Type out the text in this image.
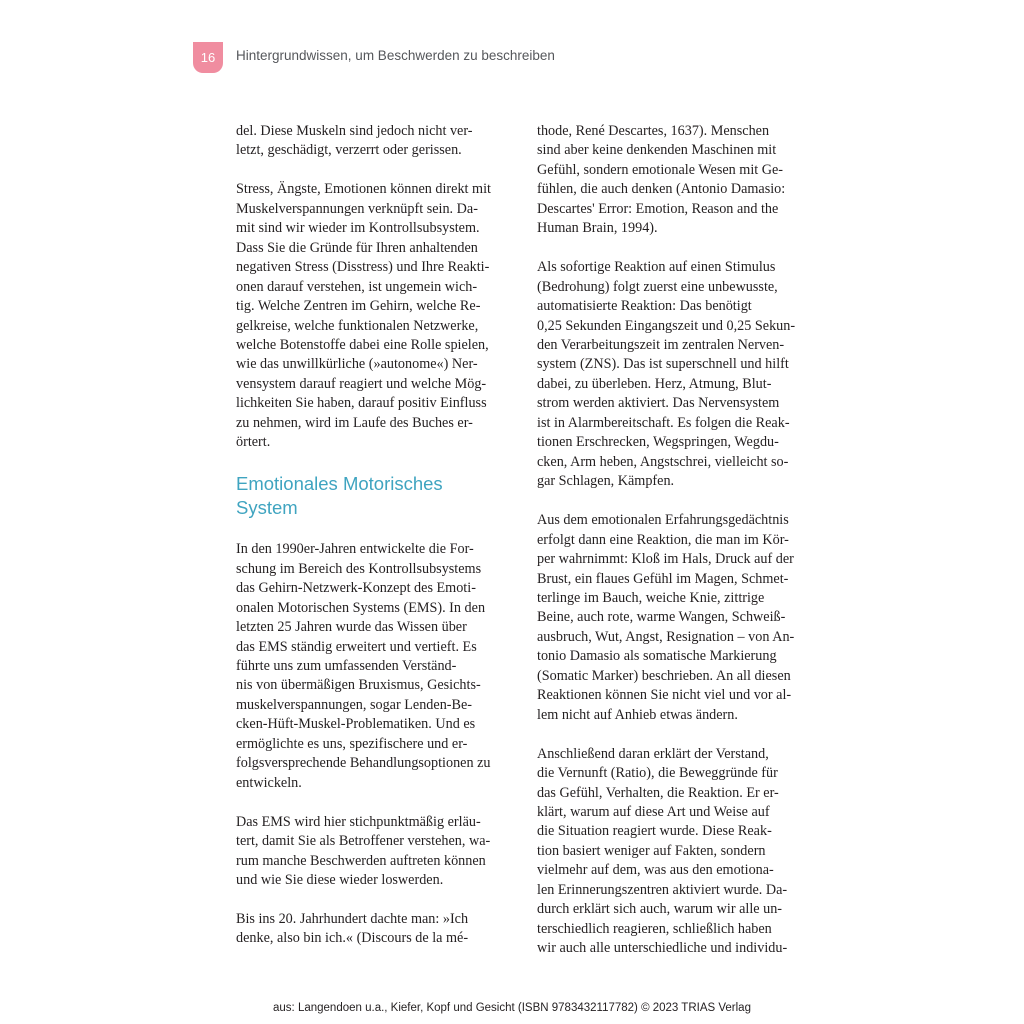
16	Hintergrundwissen, um Beschwerden zu beschreiben

del. Diese Muskeln sind jedoch nicht ver-
letzt, geschädigt, verzerrt oder gerissen.

Stress, Ängste, Emotionen können direkt mit
Muskelverspannungen verknüpft sein. Da-
mit sind wir wieder im Kontrollsubsystem.
Dass Sie die Gründe für Ihren anhaltenden
negativen Stress (Disstress) und Ihre Reakti-
onen darauf verstehen, ist ungemein wich-
tig. Welche Zentren im Gehirn, welche Re-
gelkreise, welche funktionalen Netzwerke,
welche Botenstoffe dabei eine Rolle spielen,
wie das unwillkürliche (»autonome«) Ner-
vensystem darauf reagiert und welche Mög-
lichkeiten Sie haben, darauf positiv Einfluss
zu nehmen, wird im Laufe des Buches er-
örtert.

Emotionales Motorisches
System

In den 1990er-Jahren entwickelte die For-
schung im Bereich des Kontrollsubsystems
das Gehirn-Netzwerk-Konzept des Emoti-
onalen Motorischen Systems (EMS). In den
letzten 25 Jahren wurde das Wissen über
das EMS ständig erweitert und vertieft. Es
führte uns zum umfassenden Verständ-
nis von übermäßigen Bruxismus, Gesichts-
muskelverspannungen, sogar Lenden-Be-
cken-Hüft-Muskel-Problematiken. Und es
ermöglichte es uns, spezifischere und er-
folgsversprechende Behandlungsoptionen zu
entwickeln.

Das EMS wird hier stichpunktmäßig erläu-
tert, damit Sie als Betroffener verstehen, wa-
rum manche Beschwerden auftreten können
und wie Sie diese wieder loswerden.

Bis ins 20. Jahrhundert dachte man: »Ich
denke, also bin ich.« (Discours de la mé-

thode, René Descartes, 1637). Menschen
sind aber keine denkenden Maschinen mit
Gefühl, sondern emotionale Wesen mit Ge-
fühlen, die auch denken (Antonio Damasio:
Descartes' Error: Emotion, Reason and the
Human Brain, 1994).

Als sofortige Reaktion auf einen Stimulus
(Bedrohung) folgt zuerst eine unbewusste,
automatisierte Reaktion: Das benötigt
0,25 Sekunden Eingangszeit und 0,25 Sekun-
den Verarbeitungszeit im zentralen Nerven-
system (ZNS). Das ist superschnell und hilft
dabei, zu überleben. Herz, Atmung, Blut-
strom werden aktiviert. Das Nervensystem
ist in Alarmbereitschaft. Es folgen die Reak-
tionen Erschrecken, Wegspringen, Wegdu-
cken, Arm heben, Angstschrei, vielleicht so-
gar Schlagen, Kämpfen.

Aus dem emotionalen Erfahrungsgedächtnis
erfolgt dann eine Reaktion, die man im Kör-
per wahrnimmt: Kloß im Hals, Druck auf der
Brust, ein flaues Gefühl im Magen, Schmet-
terlinge im Bauch, weiche Knie, zittrige
Beine, auch rote, warme Wangen, Schweiß-
ausbruch, Wut, Angst, Resignation – von An-
tonio Damasio als somatische Markierung
(Somatic Marker) beschrieben. An all diesen
Reaktionen können Sie nicht viel und vor al-
lem nicht auf Anhieb etwas ändern.

Anschließend daran erklärt der Verstand,
die Vernunft (Ratio), die Beweggründe für
das Gefühl, Verhalten, die Reaktion. Er er-
klärt, warum auf diese Art und Weise auf
die Situation reagiert wurde. Diese Reak-
tion basiert weniger auf Fakten, sondern
vielmehr auf dem, was aus den emotiona-
len Erinnerungszentren aktiviert wurde. Da-
durch erklärt sich auch, warum wir alle un-
terschiedlich reagieren, schließlich haben
wir auch alle unterschiedliche und individu-

aus: Langendoen u.a., Kiefer, Kopf und Gesicht (ISBN 9783432117782) © 2023 TRIAS Verlag
